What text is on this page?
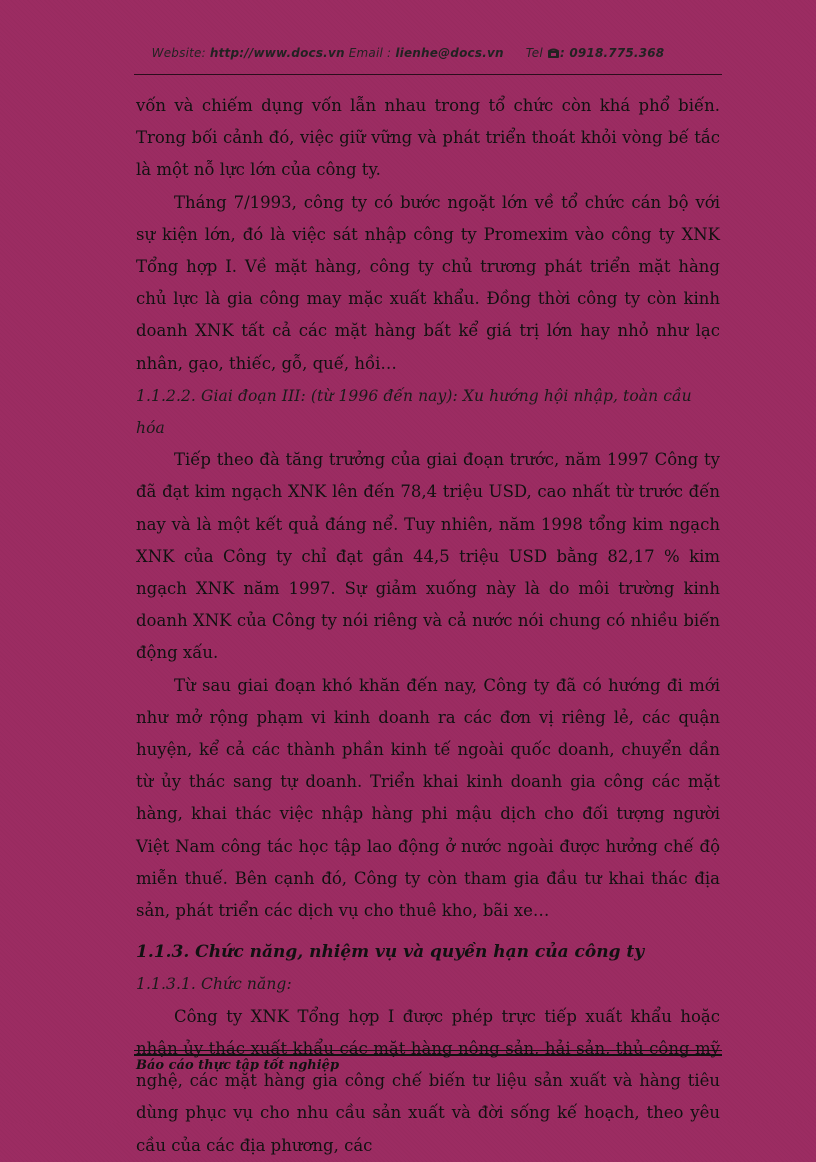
Website: http://www.docs.vn Email : lienhe@docs.vn Tel : 0918.775.368

vốn và chiếm dụng vốn lẫn nhau trong tổ chức còn khá phổ biến. Trong bối cảnh đó, việc giữ vững và phát triển thoát khỏi vòng bế tắc là một nỗ lực lớn của công ty.

Tháng 7/1993, công ty có bước ngoặt lớn về tổ chức cán bộ với sự kiện lớn, đó là việc sát nhập công ty Promexim vào công ty XNK Tổng hợp I. Về mặt hàng, công ty chủ trương phát triển mặt hàng chủ lực là gia công may mặc xuất khẩu. Đồng thời công ty còn kinh doanh XNK tất cả các mặt hàng bất kể giá trị lớn hay nhỏ như lạc nhân, gạo, thiếc, gỗ, quế, hồi…

1.1.2.2. Giai đoạn III: (từ 1996 đến nay): Xu hướng hội nhập, toàn cầu hóa

Tiếp theo đà tăng trưởng của giai đoạn trước, năm 1997 Công ty đã đạt kim ngạch XNK lên đến 78,4 triệu USD, cao nhất từ trước đến nay và là một kết quả đáng nể. Tuy nhiên, năm 1998 tổng kim ngạch XNK của Công ty chỉ đạt gần 44,5 triệu USD bằng 82,17 % kim ngạch XNK năm 1997. Sự giảm xuống này là do môi trường kinh doanh XNK của Công ty nói riêng và cả nước nói chung có nhiều biến động xấu.

Từ sau giai đoạn khó khăn đến nay, Công ty đã có hướng đi mới như mở rộng phạm vi kinh doanh ra các đơn vị riêng lẻ, các quận huyện, kể cả các thành phần kinh tế ngoài quốc doanh, chuyển dần từ ủy thác sang tự doanh. Triển khai kinh doanh gia công các mặt hàng, khai thác việc nhập hàng phi mậu dịch cho đối tượng người Việt Nam công tác học tập lao động ở nước ngoài được hưởng chế độ miễn thuế. Bên cạnh đó, Công ty còn tham gia đầu tư khai thác địa sản, phát triển các dịch vụ cho thuê kho, bãi xe…

1.1.3. Chức năng, nhiệm vụ và quyền hạn của công ty

1.1.3.1. Chức năng:

Công ty XNK Tổng hợp I được phép trực tiếp xuất khẩu hoặc nhận ủy thác xuất khẩu các mặt hàng nông sản, hải sản, thủ công mỹ nghệ, các mặt hàng gia công chế biến tư liệu sản xuất và hàng tiêu dùng phục vụ cho nhu cầu sản xuất và đời sống kế hoạch, theo yêu cầu của các địa phương, các

Báo cáo thực tập tốt nghiệp
